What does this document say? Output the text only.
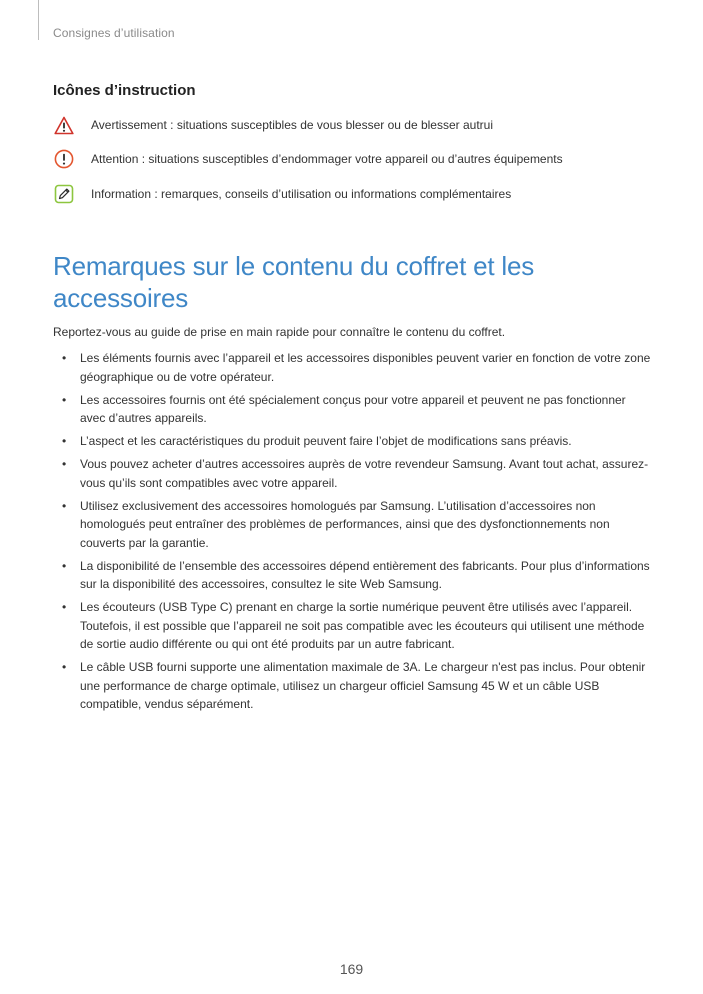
Consignes d’utilisation
Icônes d’instruction
Avertissement : situations susceptibles de vous blesser ou de blesser autrui
Attention : situations susceptibles d’endommager votre appareil ou d’autres équipements
Information : remarques, conseils d’utilisation ou informations complémentaires
Remarques sur le contenu du coffret et les accessoires
Reportez-vous au guide de prise en main rapide pour connaître le contenu du coffret.
• Les éléments fournis avec l’appareil et les accessoires disponibles peuvent varier en fonction de votre zone géographique ou de votre opérateur.
• Les accessoires fournis ont été spécialement conçus pour votre appareil et peuvent ne pas fonctionner avec d’autres appareils.
• L’aspect et les caractéristiques du produit peuvent faire l’objet de modifications sans préavis.
• Vous pouvez acheter d’autres accessoires auprès de votre revendeur Samsung. Avant tout achat, assurez-vous qu’ils sont compatibles avec votre appareil.
• Utilisez exclusivement des accessoires homologués par Samsung. L’utilisation d’accessoires non homologués peut entraîner des problèmes de performances, ainsi que des dysfonctionnements non couverts par la garantie.
• La disponibilité de l’ensemble des accessoires dépend entièrement des fabricants. Pour plus d’informations sur la disponibilité des accessoires, consultez le site Web Samsung.
• Les écouteurs (USB Type C) prenant en charge la sortie numérique peuvent être utilisés avec l’appareil. Toutefois, il est possible que l’appareil ne soit pas compatible avec les écouteurs qui utilisent une méthode de sortie audio différente ou qui ont été produits par un autre fabricant.
• Le câble USB fourni supporte une alimentation maximale de 3A. Le chargeur n'est pas inclus. Pour obtenir une performance de charge optimale, utilisez un chargeur officiel Samsung 45 W et un câble USB compatible, vendus séparément.
169
